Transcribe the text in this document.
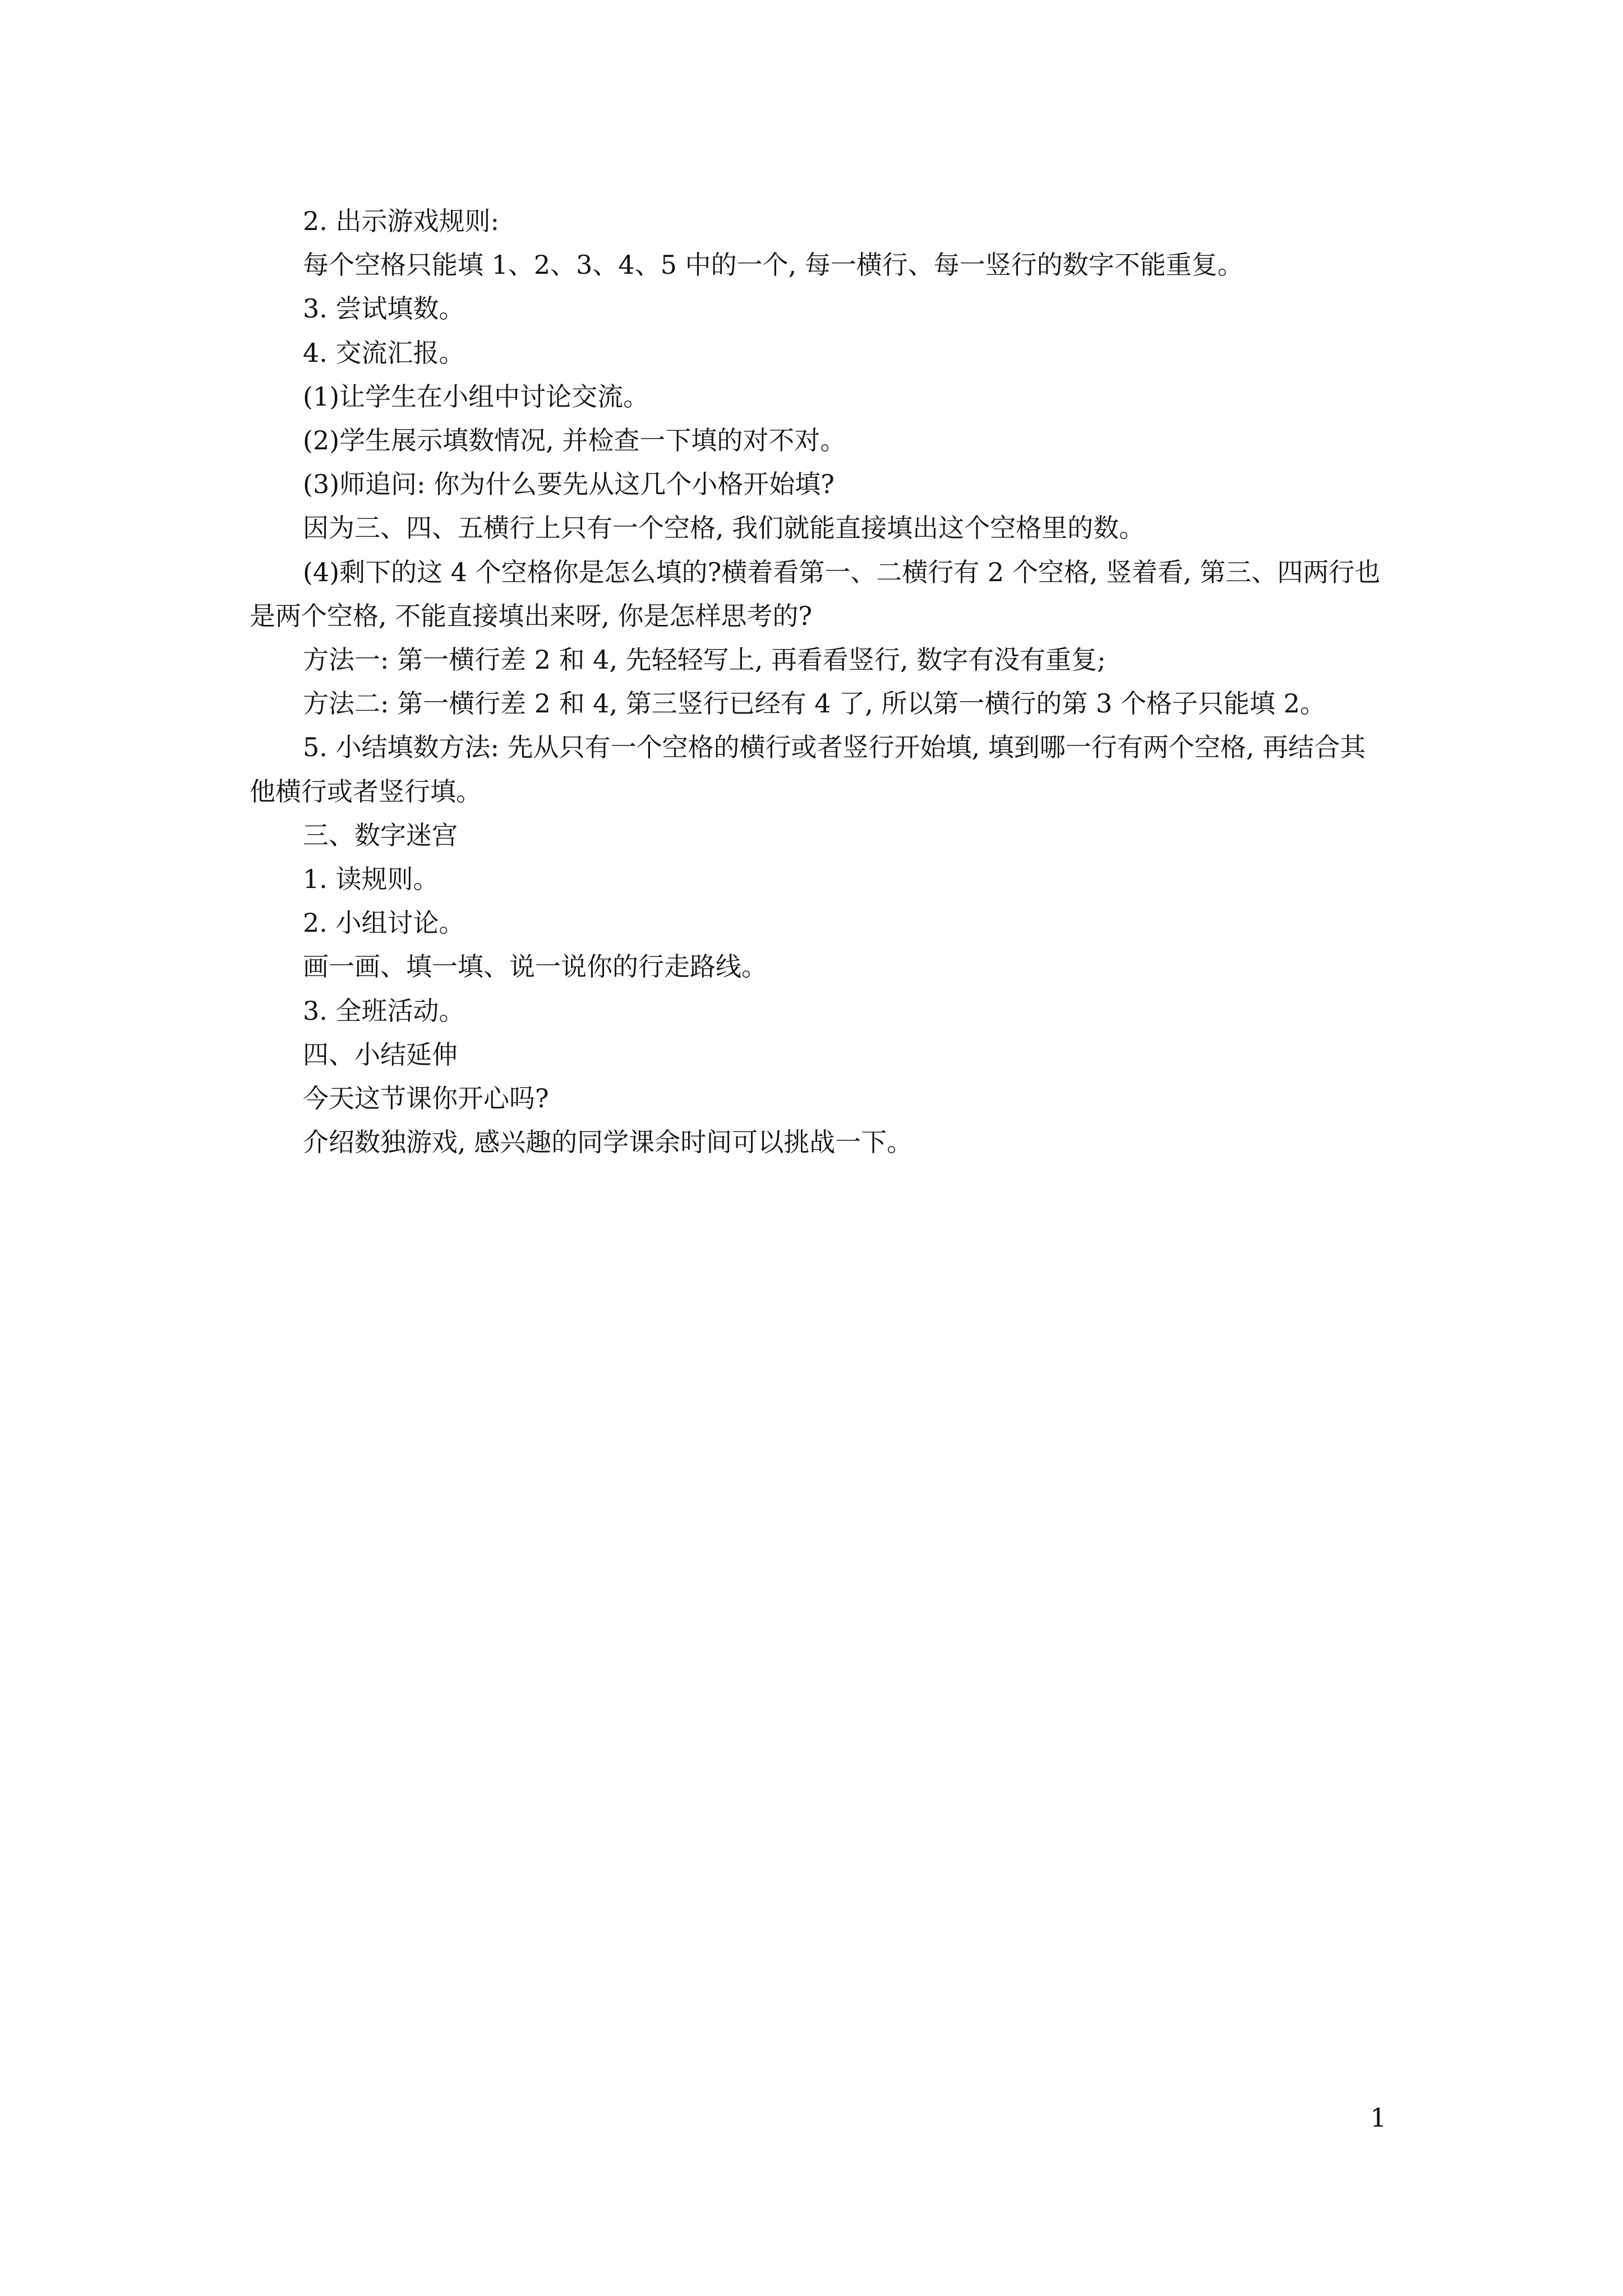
2. 出示游戏规则:

每个空格只能填 1、2、3、4、5 中的一个, 每一横行、每一竖行的数字不能重复。

3. 尝试填数。

4. 交流汇报。

(1)让学生在小组中讨论交流。

(2)学生展示填数情况, 并检查一下填的对不对。

(3)师追问: 你为什么要先从这几个小格开始填?

因为三、四、五横行上只有一个空格, 我们就能直接填出这个空格里的数。

(4)剩下的这 4 个空格你是怎么填的?横着看第一、二横行有 2 个空格, 竖着看, 第三、四两行也是两个空格, 不能直接填出来呀, 你是怎样思考的?

方法一: 第一横行差 2 和 4, 先轻轻写上, 再看看竖行, 数字有没有重复;

方法二: 第一横行差 2 和 4, 第三竖行已经有 4 了, 所以第一横行的第 3 个格子只能填 2。

5. 小结填数方法: 先从只有一个空格的横行或者竖行开始填, 填到哪一行有两个空格, 再结合其他横行或者竖行填。

三、数字迷宫

1. 读规则。

2. 小组讨论。

画一画、填一填、说一说你的行走路线。

3. 全班活动。

四、小结延伸

今天这节课你开心吗?

介绍数独游戏, 感兴趣的同学课余时间可以挑战一下。

1
